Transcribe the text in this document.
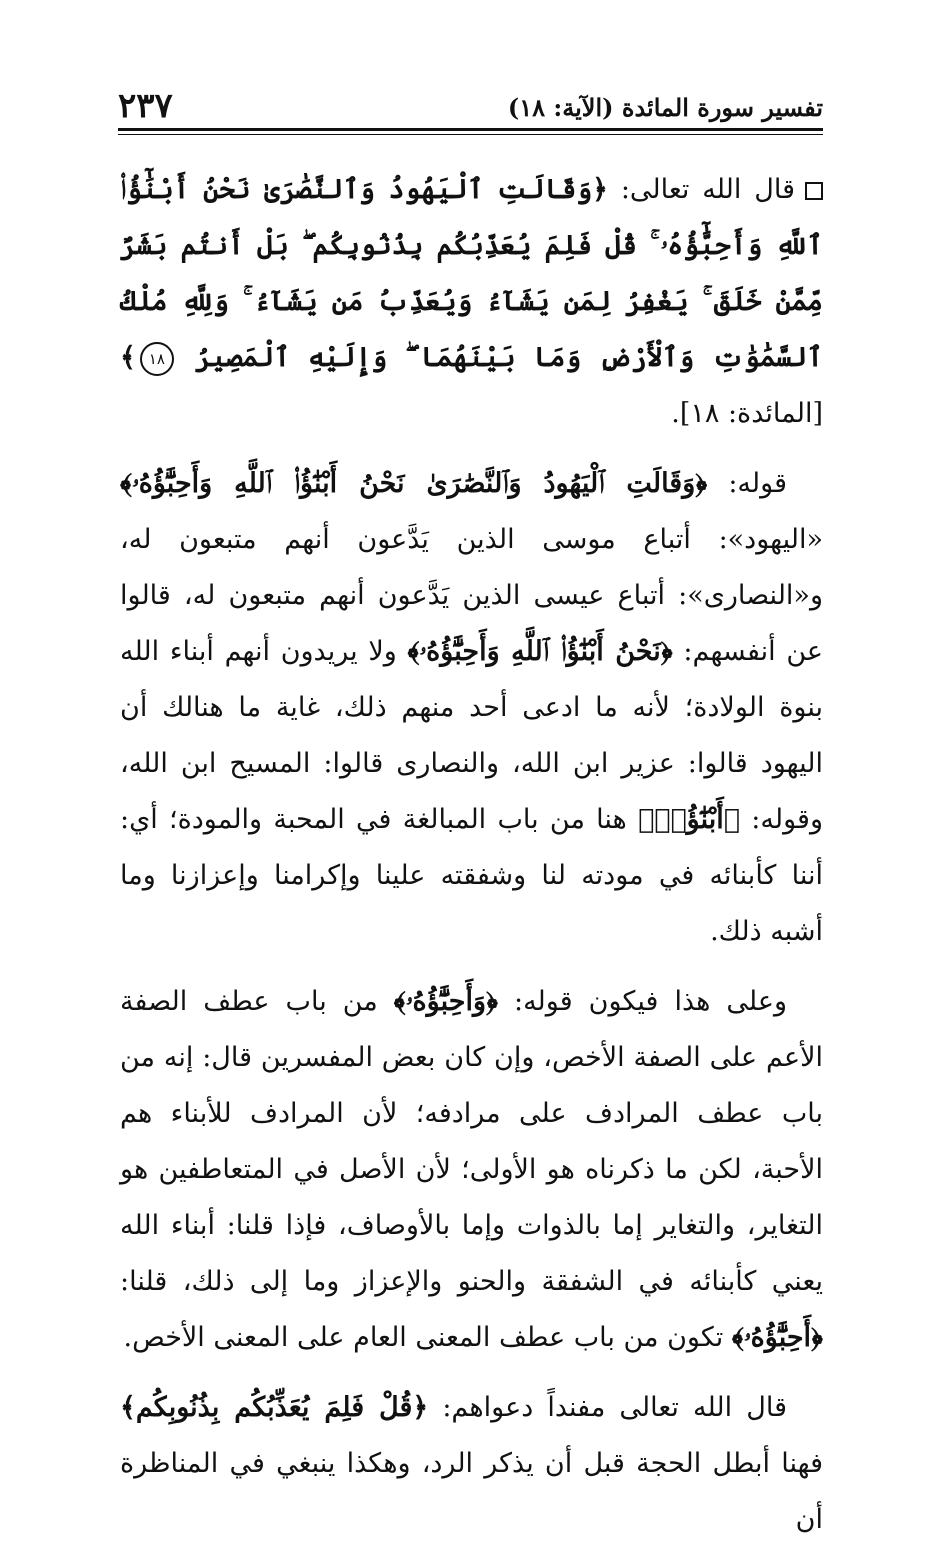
تفسير سورة المائدة (الآية: ١٨)
٢٣٧

قال الله تعالى: ﴿وَقَالَتِ ٱلْيَهُودُ وَٱلنَّصَٰرَىٰ نَحْنُ أَبْنَٰٓؤُا۟ ٱللَّهِ وَأَحِبَّٰٓؤُهُۥ ۚ قُلْ فَلِمَ يُعَذِّبُكُم بِذُنُوبِكُم ۖ بَلْ أَنتُم بَشَرٌ مِّمَّنْ خَلَقَ ۚ يَغْفِرُ لِمَن يَشَآءُ وَيُعَذِّبُ مَن يَشَآءُ ۚ وَلِلَّهِ مُلْكُ ٱلسَّمَٰوَٰتِ وَٱلْأَرْضِ وَمَا بَيْنَهُمَا ۖ وَإِلَيْهِ ٱلْمَصِيرُ ١٨﴾ [المائدة: ١٨].

قوله: ﴿وَقَالَتِ ٱلْيَهُودُ وَٱلنَّصَٰرَىٰ نَحْنُ أَبْنَٰٓؤُا۟ ٱللَّهِ وَأَحِبَّٰٓؤُهُۥ﴾ «اليهود»: أتباع موسى الذين يَدَّعون أنهم متبعون له، و«النصارى»: أتباع عيسى الذين يَدَّعون أنهم متبعون له، قالوا عن أنفسهم: ﴿نَحْنُ أَبْنَٰٓؤُا۟ ٱللَّهِ وَأَحِبَّٰٓؤُهُۥ﴾ ولا يريدون أنهم أبناء الله بنوة الولادة؛ لأنه ما ادعى أحد منهم ذلك، غاية ما هنالك أن اليهود قالوا: عزير ابن الله، والنصارى قالوا: المسيح ابن الله، وقوله: ﴿أَبْنَٰٓؤُا۟﴾ هنا من باب المبالغة في المحبة والمودة؛ أي: أننا كأبنائه في مودته لنا وشفقته علينا وإكرامنا وإعزازنا وما أشبه ذلك.

وعلى هذا فيكون قوله: ﴿وَأَحِبَّٰٓؤُهُۥ﴾ من باب عطف الصفة الأعم على الصفة الأخص، وإن كان بعض المفسرين قال: إنه من باب عطف المرادف على مرادفه؛ لأن المرادف للأبناء هم الأحبة، لكن ما ذكرناه هو الأولى؛ لأن الأصل في المتعاطفين هو التغاير، والتغاير إما بالذوات وإما بالأوصاف، فإذا قلنا: أبناء الله يعني كأبنائه في الشفقة والحنو والإعزاز وما إلى ذلك، قلنا: ﴿أَحِبَّٰٓؤُهُۥ﴾ تكون من باب عطف المعنى العام على المعنى الأخص.

قال الله تعالى مفنداً دعواهم: ﴿قُلْ فَلِمَ يُعَذِّبُكُم بِذُنُوبِكُم﴾ فهنا أبطل الحجة قبل أن يذكر الرد، وهكذا ينبغي في المناظرة أن
